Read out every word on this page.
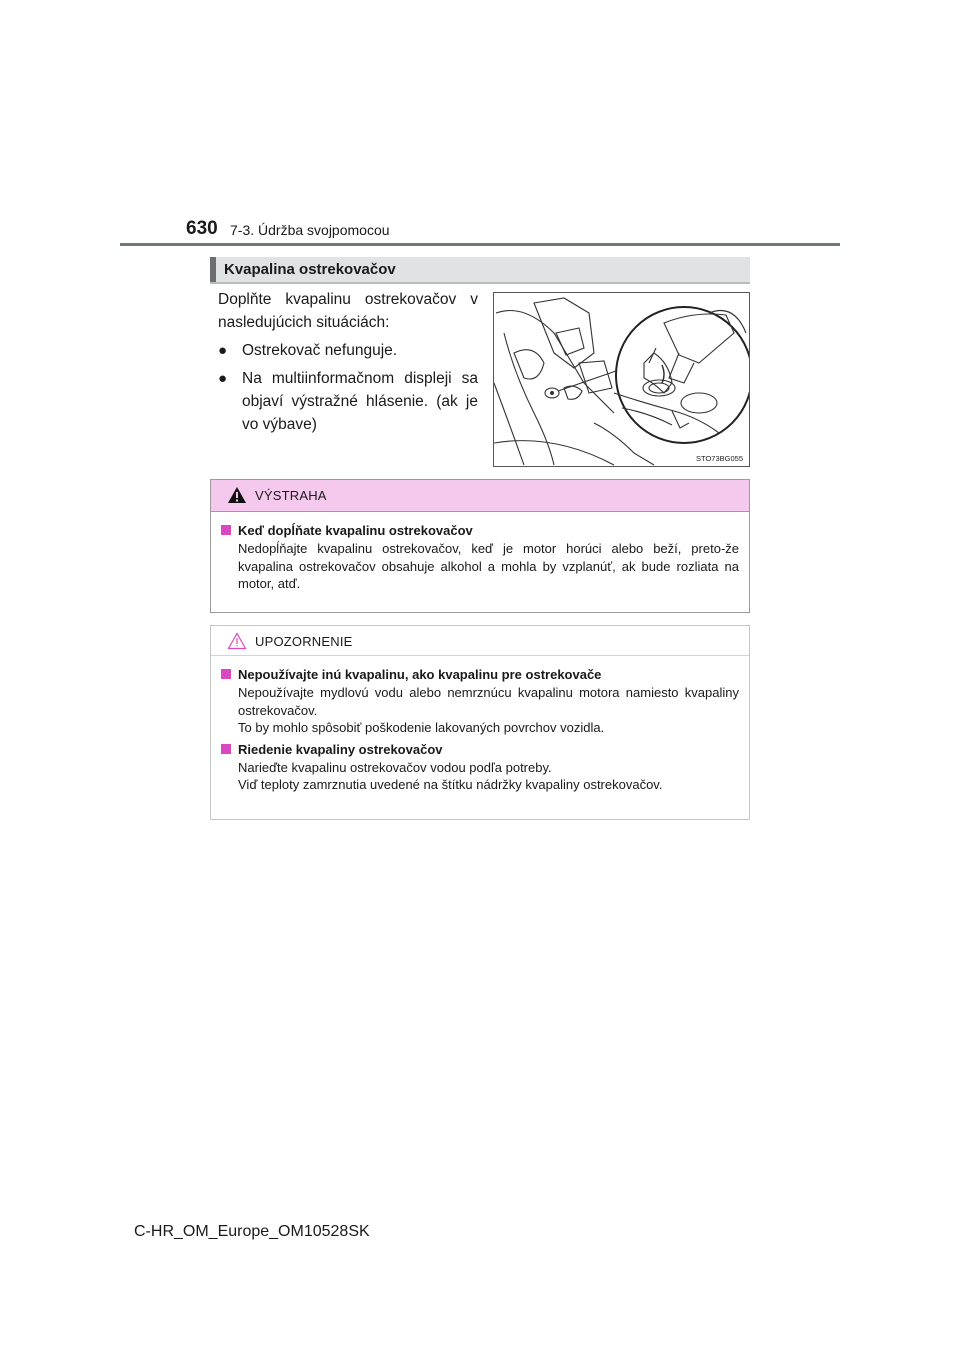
630 7-3. Údržba svojpomocou
Kvapalina ostrekovačov

Doplňte kvapalinu ostrekovačov v nasledujúcich situáciách:

● Ostrekovač nefunguje.
● Na multiinformačnom displeji sa objaví výstražné hlásenie. (ak je vo výbave)
STO73BG055
VÝSTRAHA
Keď dopĺňate kvapalinu ostrekovačov
Nedopĺňajte kvapalinu ostrekovačov, keď je motor horúci alebo beží, preto-že kvapalina ostrekovačov obsahuje alkohol a mohla by vzplanúť, ak bude rozliata na motor, atď.
UPOZORNENIE
Nepoužívajte inú kvapalinu, ako kvapalinu pre ostrekovače
Nepoužívajte mydlovú vodu alebo nemrznúcu kvapalinu motora namiesto kvapaliny ostrekovačov.
To by mohlo spôsobiť poškodenie lakovaných povrchov vozidla.
Riedenie kvapaliny ostrekovačov
Narieďte kvapalinu ostrekovačov vodou podľa potreby.
Viď teploty zamrznutia uvedené na štítku nádržky kvapaliny ostrekovačov.
C-HR_OM_Europe_OM10528SK
